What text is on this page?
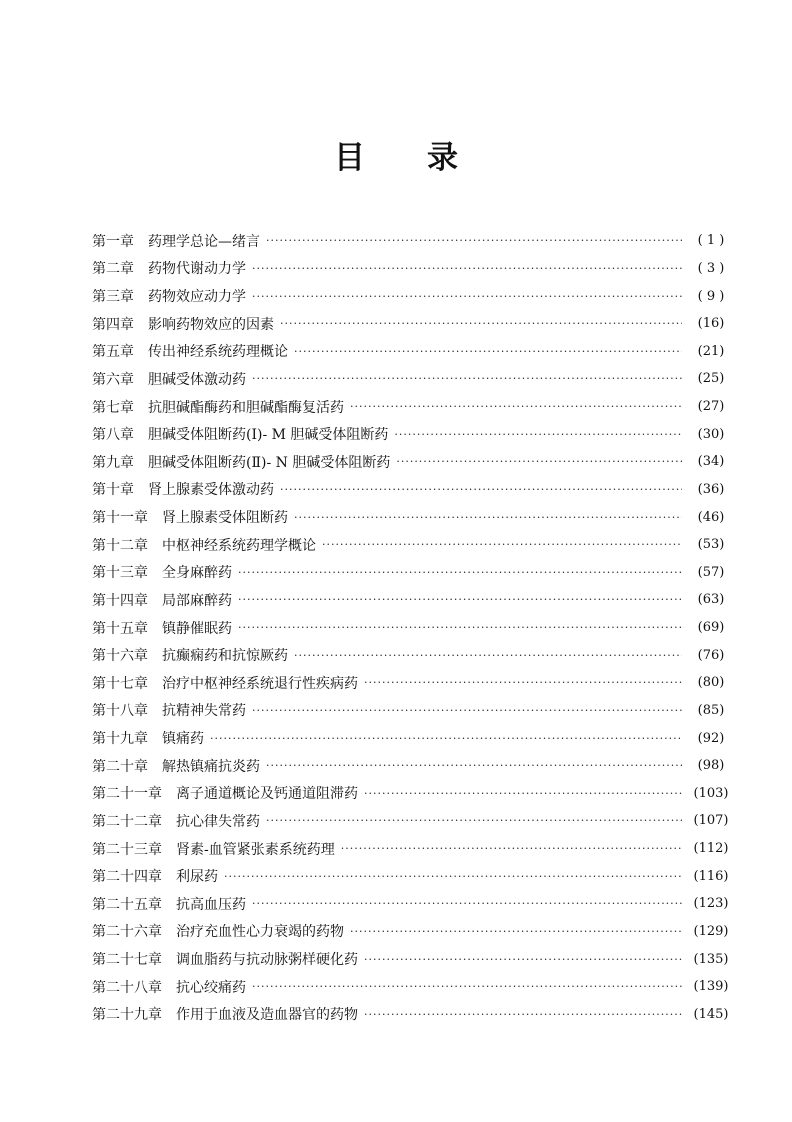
目 录
第一章 药理学总论—绪言 ·····	( 1 )
第二章 药物代谢动力学 ·····	( 3 )
第三章 药物效应动力学 ·····	( 9 )
第四章 影响药物效应的因素 ·····	(16)
第五章 传出神经系统药理概论 ·····	(21)
第六章 胆碱受体激动药 ·····	(25)
第七章 抗胆碱酯酶药和胆碱酯酶复活药 ·····	(27)
第八章 胆碱受体阻断药(Ⅰ)- M 胆碱受体阻断药 ·····	(30)
第九章 胆碱受体阻断药(Ⅱ)- N 胆碱受体阻断药 ·····	(34)
第十章 肾上腺素受体激动药 ·····	(36)
第十一章 肾上腺素受体阻断药 ·····	(46)
第十二章 中枢神经系统药理学概论 ·····	(53)
第十三章 全身麻醉药 ·····	(57)
第十四章 局部麻醉药 ·····	(63)
第十五章 镇静催眠药 ·····	(69)
第十六章 抗癫痫药和抗惊厥药 ·····	(76)
第十七章 治疗中枢神经系统退行性疾病药 ·····	(80)
第十八章 抗精神失常药 ·····	(85)
第十九章 镇痛药 ·····	(92)
第二十章 解热镇痛抗炎药 ·····	(98)
第二十一章 离子通道概论及钙通道阻滞药 ·····	(103)
第二十二章 抗心律失常药 ·····	(107)
第二十三章 肾素-血管紧张素系统药理 ·····	(112)
第二十四章 利尿药 ·····	(116)
第二十五章 抗高血压药 ·····	(123)
第二十六章 治疗充血性心力衰竭的药物 ·····	(129)
第二十七章 调血脂药与抗动脉粥样硬化药 ·····	(135)
第二十八章 抗心绞痛药 ·····	(139)
第二十九章 作用于血液及造血器官的药物 ·····	(145)
